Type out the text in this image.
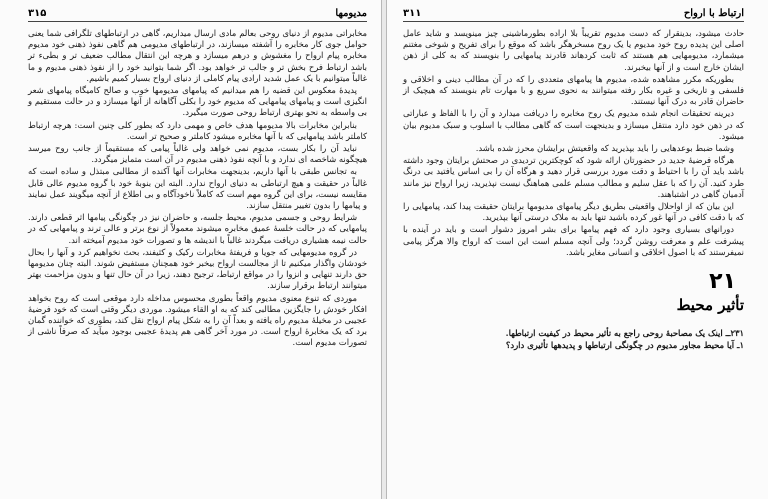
۳۱۵	مدیومها

مخابراتی مدیوم از دنیای روحی بعالم مادی ارسال میداریم، گاهی در ارتباطهای تلگرافی شما یعنی حوامل جوی کار مخابره را آشفته میسازند، در ارتباطهای مدیومی هم گاهی نفوذ ذهنی خود مدیوم مخابره پیام ارواح را مغشوش و درهم میسازد و هرچه این انتقال مطالب ضعیف تر و بطیء تر باشد ارتباط فرح بخش تر و جالب تر خواهد بود. اگر شما بتوانید خود را از نفوذ ذهنی مدیوم و ما غالباً میتوانیم با یک عمل شدید ارادی پیام کاملی از دنیای ارواح بسیار کمیم باشیم.

پدیدهٔ معکوس این قضیه را هم میدانیم که پیامهای مدیومها خوب و صالح کامیگاه پیامهای شعر انگیزی است و پیامهای پیامهایی که مدیوم خود را بکلی آگاهانه از آنها میسازد و در حالت مستقیم و بی واسطه به نحو بهتری ارتباط روحی صورت میگیرد.

بنابراین مخابرات بالا مدیومها هدف خاص و مهمی دارد که بطور کلی چنین است: هرچه ارتباط کاملتر باشد پیامهایی که با آنها مخابره میشود کاملتر و صحیح تر است.

نباید آن را بکار بست، مدیوم نمی خواهد ولی غالباً پیامی که مستقیماً از جانب روح میرسد هیچگونه شاخصه ای ندارد و با آنچه نفوذ ذهنی مدیوم در آن است متمایز میگردد.

به تجانس طبقی با آنها داریم، بدینجهت مخابرات آنها آکنده از مطالبی مبتذل و ساده است که غالباً در حقیقت و هیچ ارتباطی به دنیای ارواح ندارد. البته این بنوبهٔ خود با گروه مدیوم عالی قابل مقایسه نیست، برای این گروه مهم است که کاملاً ناخودآگاه و بی اطلاع از آنچه میگویند عمل نمایند و پیامها را بدون تغییر منتقل سازند.

شرایط روحی و جسمی مدیوم، محیط جلسه، و حاضران نیز در چگونگی پیامها اثر قطعی دارند. پیامهایی که در حالت خلسهٔ عمیق مخابره میشوند معمولاً از نوع برتر و عالی ترند و پیامهایی که در حالت نیمه هشیاری دریافت میگردند غالباً با اندیشه ها و تصورات خود مدیوم آمیخته اند.

در گروه مدیومهایی که جویا و فریفتهٔ مخابرات رکیک و کثیفند، بحث نخواهیم کرد و آنها را بحال خودشان واگذار میکنیم تا از مجالست ارواح بیخبر خود همچنان مستفیض شوند. البته چنان مدیومها حق دارند تنهایی و انزوا را در مواقع ارتباط، ترجیح دهند، زیرا در آن حال تنها و بدون مزاحمت بهتر میتوانند ارتباط برقرار سازند.

موردی که تنوع معنوی مدیوم واقعاً بطوری محسوس مداخله دارد موقعی است که روح بخواهد افکار خودش را جایگزین مطالبی کند که به او القاء میشود. موردی دیگر وقتی است که خود فرضیهٔ عجیبی در مخیلهٔ مدیوم راه یافته و بعداً آن را به شکل پیام ارواح نقل کند، بطوری که خواننده گمان برد که یک مخابرهٔ ارواح است. در مورد آخر گاهی هم پدیدهٔ عجیبی بوجود میآید که صرفاً ناشی از تصورات مدیوم است.

۳۱۱	ارتباط با ارواح

حادث میشود، بدینقرار که دست مدیوم تقریباً بلا اراده بطورماشینی چیز مینویسد و شاید عامل اصلی این پدیده روح خود مدیوم یا یک روح مسخرهگر باشد که موقع را برای تفریح و شوخی مغتنم میشمارد، مدیومهایی هم هستند که ثابت کردهاند قادرند پیامهایی را بنویسند که به کلی از ذهن ایشان خارج است و از آنها بیخبرند.

بطوریکه مکرر مشاهده شده، مدیوم ها پیامهای متعددی را که در آن مطالب دینی و اخلاقی و فلسفی و تاریخی و غیره بکار رفته میتوانند به نحوی سریع و با مهارت تام بنویسند که هیچیک از حاضران قادر به درک آنها نیستند.

دیرینه تحقیقات انجام شده مدیوم یک روح مخابره را دریافت میدارد و آن را با الفاظ و عباراتی که در ذهن خود دارد منتقل میسازد و بدینجهت است که گاهی مطالب با اسلوب و سبک مدیوم بیان میشود.

وشما ضبط بوعدهایی را باید بپذیرید که واقعیتش برایشان محرز شده باشد.

هرگاه فرضیهٔ جدید در حضورتان ارائه شود که کوچکترین تردیدی در صحتش برایتان وجود داشته باشد باید آن را با احتیاط و دقت مورد بررسی قرار دهید و هرگاه آن را بی اساس یافتید بی درنگ طرد کنید. آن را که با عقل سلیم و مطالب مسلم علمی هماهنگ نیست نپذیرید، زیرا ارواح نیز مانند آدمیان گاهی در اشتباهند.

این بیان که از اواحلال واقعیتی بطریق دیگر پیامهای مدیومها برایتان حقیقت پیدا کند، پیامهایی را که با دقت کافی در آنها غور کرده باشید تنها باید به ملاک درستی آنها بپذیرید.

دورانهای بسیاری وجود دارد که فهم پیامها برای بشر امروز دشوار است و باید در آینده با پیشرفت علم و معرفت روشن گردد؛ ولی آنچه مسلم است این است که ارواح والا هرگز پیامی نمیفرستند که با اصول اخلاقی و انسانی مغایر باشد.

۲۱
تأثیر محیط

۲۳۱ــ اینک یک مصاحبهٔ روحی راجع به تأثیر محیط در کیفیت ارتباطها.

۱ـ آیا محیط مجاور مدیوم در چگونگی ارتباطها و پدیدهها تأثیری دارد؟
